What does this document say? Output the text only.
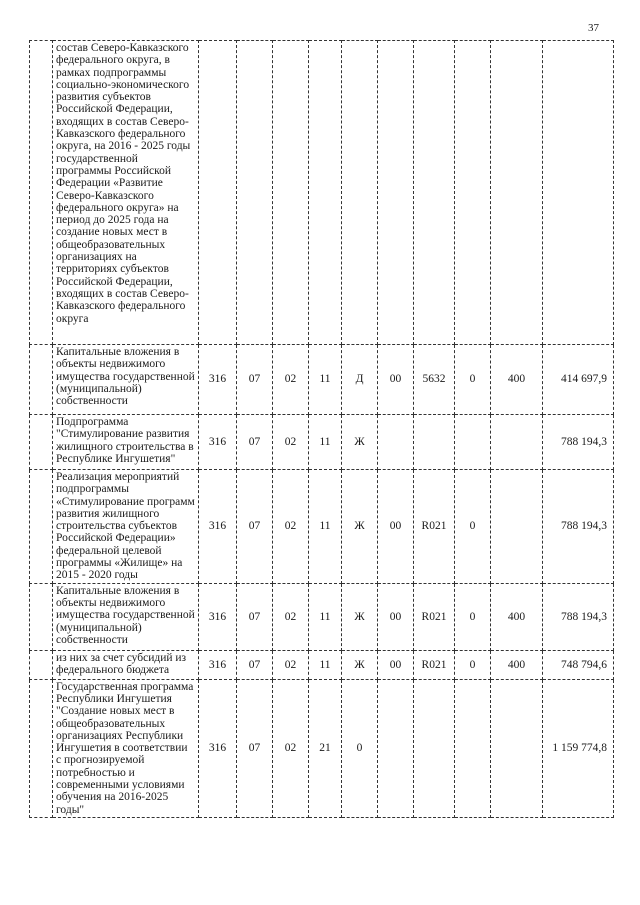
37
	состав Северо-Кавказского федерального округа, в рамках подпрограммы социально-экономического развития субъектов Российской Федерации, входящих в состав Северо-Кавказского федерального округа, на 2016 - 2025 годы государственной программы Российской Федерации «Развитие Северо-Кавказского федерального округа» на период до 2025 года на создание новых мест в общеобразовательных организациях на территориях субъектов Российской Федерации, входящих в состав Северо-Кавказского федерального округа										
	Капитальные вложения в объекты недвижимого имущества государственной (муниципальной) собственности	316	07	02	11	Д	00	5632	0	400	414 697,9
	Подпрограмма "Стимулирование развития жилищного строительства в Республике Ингушетия"	316	07	02	11	Ж					788 194,3
	Реализация мероприятий подпрограммы «Стимулирование программ развития жилищного строительства субъектов Российской Федерации» федеральной целевой программы «Жилище» на 2015 - 2020 годы	316	07	02	11	Ж	00	R021	0		788 194,3
	Капитальные вложения в объекты недвижимого имущества государственной (муниципальной) собственности	316	07	02	11	Ж	00	R021	0	400	788 194,3
	из них за счет субсидий из федерального бюджета	316	07	02	11	Ж	00	R021	0	400	748 794,6
	Государственная программа Республики Ингушетия "Создание новых мест в общеобразовательных организациях Республики Ингушетия в соответствии с прогнозируемой потребностью и современными условиями обучения на 2016-2025 годы"	316	07	02	21	0					1 159 774,8
